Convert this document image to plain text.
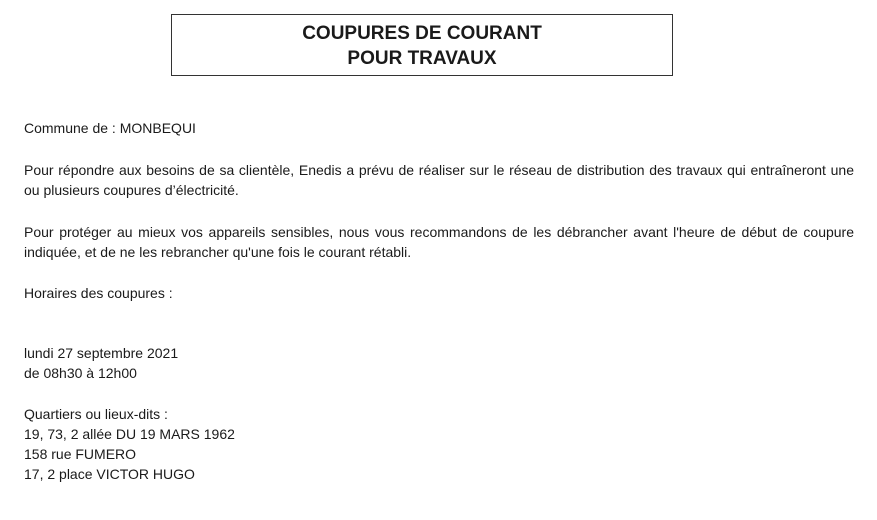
COUPURES DE COURANT
POUR TRAVAUX

Commune de : MONBEQUI

Pour répondre aux besoins de sa clientèle, Enedis a prévu de réaliser sur le réseau de distribution des travaux qui entraîneront une ou plusieurs coupures d’électricité.

Pour protéger au mieux vos appareils sensibles, nous vous recommandons de les débrancher avant l'heure de début de coupure indiquée, et de ne les rebrancher qu'une fois le courant rétabli.

Horaires des coupures :

lundi 27 septembre 2021
de 08h30 à 12h00
Quartiers ou lieux-dits :
19, 73, 2 allée DU 19 MARS 1962
158 rue FUMERO
17, 2 place VICTOR HUGO
